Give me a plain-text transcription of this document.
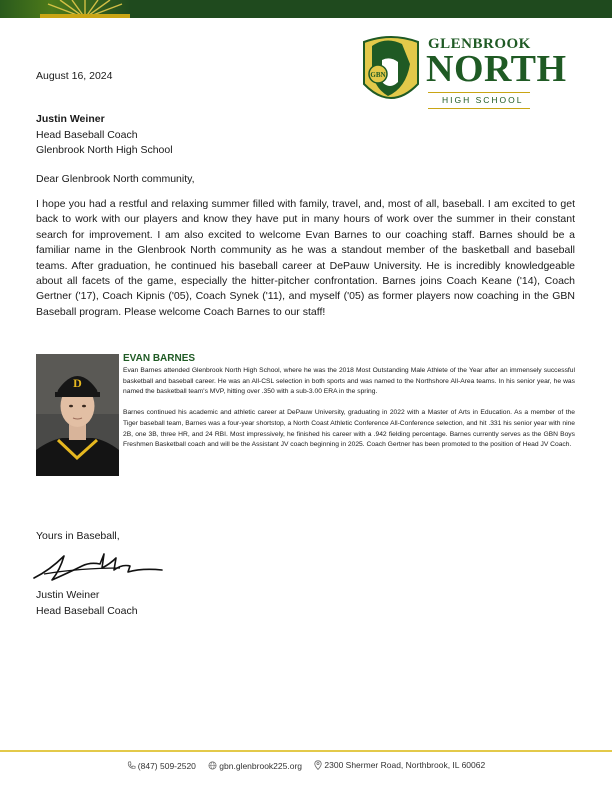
GBN
GLENBROOK
NORTH
HIGH SCHOOL
August 16, 2024
Justin Weiner
Head Baseball Coach
Glenbrook North High School
Dear Glenbrook North community,
I hope you had a restful and relaxing summer filled with family, travel, and, most of all, baseball. I am excited to get back to work with our players and know they have put in many hours of work over the summer in their constant search for improvement. I am also excited to welcome Evan Barnes to our coaching staff. Barnes should be a familiar name in the Glenbrook North community as he was a standout member of the basketball and baseball teams. After graduation, he continued his baseball career at DePauw University. He is incredibly knowledgeable about all facets of the game, especially the hitter-pitcher confrontation. Barnes joins Coach Keane ('14), Coach Gertner ('17), Coach Kipnis ('05), Coach Synek ('11), and myself ('05) as former players now coaching in the GBN Baseball program. Please welcome Coach Barnes to our staff!
D
EVAN BARNES

Evan Barnes attended Glenbrook North High School, where he was the 2018 Most Outstanding Male Athlete of the Year after an immensely successful basketball and baseball career. He was an All-CSL selection in both sports and was named to the Northshore All-Area teams. In his senior year, he was named the basketball team's MVP, hitting over .350 with a sub-3.00 ERA in the spring.

Barnes continued his academic and athletic career at DePauw University, graduating in 2022 with a Master of Arts in Education. As a member of the Tiger baseball team, Barnes was a four-year shortstop, a North Coast Athletic Conference All-Conference selection, and hit .331 his senior year with nine 2B, one 3B, three HR, and 24 RBI. Most impressively, he finished his career with a .942 fielding percentage. Barnes currently serves as the GBN Boys Freshmen Basketball coach and will be the Assistant JV coach beginning in 2025. Coach Gertner has been promoted to the position of Head JV Coach.

Yours in Baseball,
Justin Weiner
Head Baseball Coach
(847) 509-2520
	gbn.glenbrook225.org
	2300 Shermer Road, Northbrook, IL 60062
